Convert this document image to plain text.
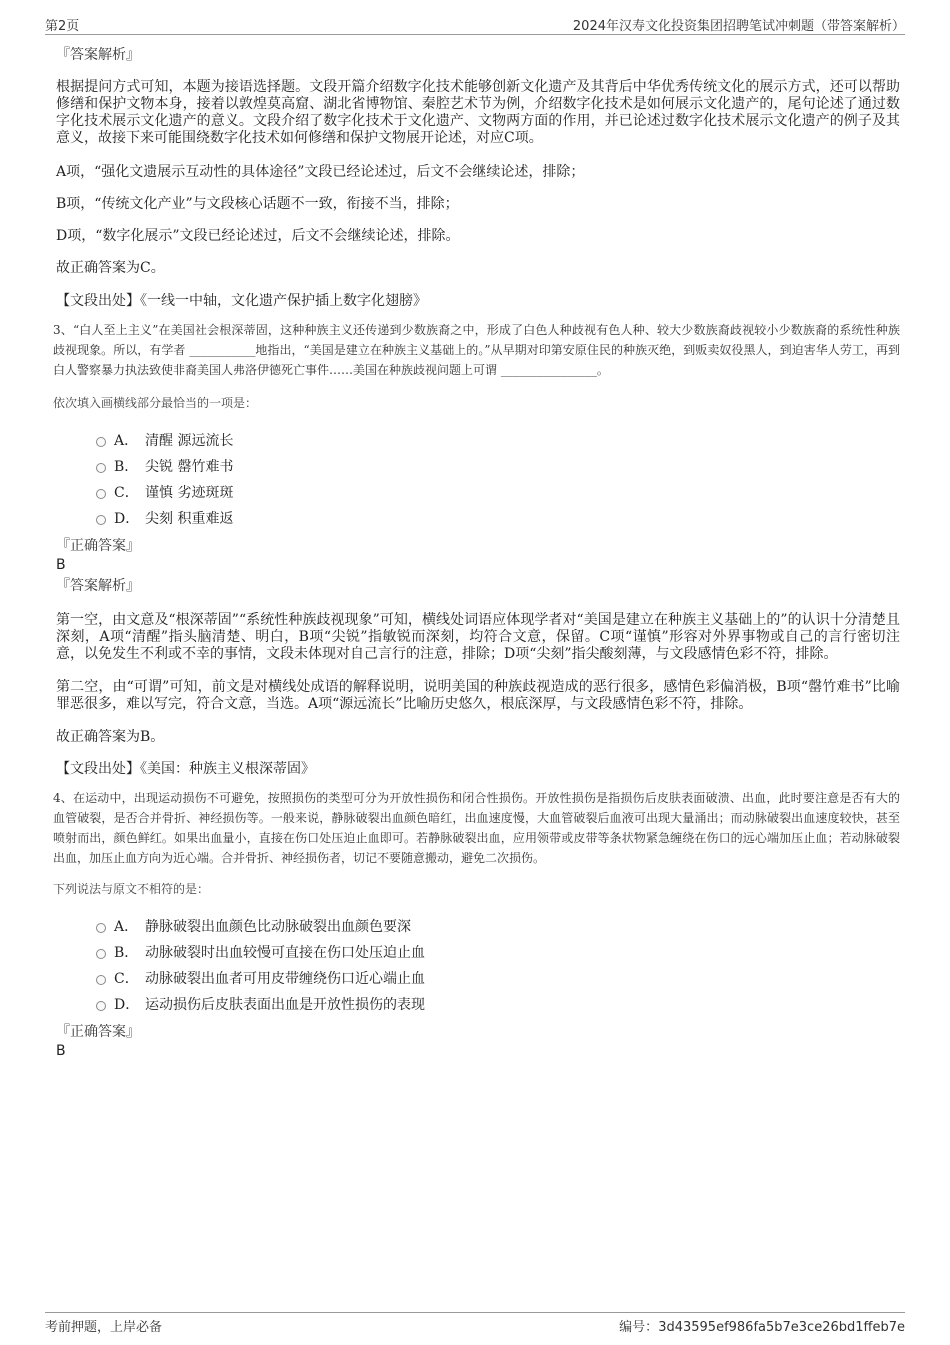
第2页	2024年汉寿文化投资集团招聘笔试冲刺题（带答案解析）
『答案解析』
根据提问方式可知，本题为接语选择题。文段开篇介绍数字化技术能够创新文化遗产及其背后中华优秀传统文化的展示方式，还可以帮助修缮和保护文物本身，接着以敦煌莫高窟、湖北省博物馆、秦腔艺术节为例，介绍数字化技术是如何展示文化遗产的，尾句论述了通过数字化技术展示文化遗产的意义。文段介绍了数字化技术于文化遗产、文物两方面的作用，并已论述过数字化技术展示文化遗产的例子及其意义，故接下来可能围绕数字化技术如何修缮和保护文物展开论述，对应C项。
A项，“强化文遗展示互动性的具体途径”文段已经论述过，后文不会继续论述，排除；
B项，“传统文化产业”与文段核心话题不一致，衔接不当，排除；
D项，“数字化展示”文段已经论述过，后文不会继续论述，排除。
故正确答案为C。
【文段出处】《一线一中轴，文化遗产保护插上数字化翅膀》
3、“白人至上主义”在美国社会根深蒂固，这种种族主义还传递到少数族裔之中，形成了白色人种歧视有色人种、较大少数族裔歧视较小少数族裔的系统性种族歧视现象。所以，有学者 ___________地指出，“美国是建立在种族主义基础上的。”从早期对印第安原住民的种族灭绝，到贩卖奴役黑人，到迫害华人劳工，再到白人警察暴力执法致使非裔美国人弗洛伊德死亡事件……美国在种族歧视问题上可谓 ________________。
依次填入画横线部分最恰当的一项是：
A． 清醒 源远流长
B． 尖锐 罄竹难书
C． 谨慎 劣迹斑斑
D． 尖刻 积重难返
『正确答案』
B
『答案解析』
第一空，由文意及“根深蒂固”“系统性种族歧视现象”可知，横线处词语应体现学者对“美国是建立在种族主义基础上的”的认识十分清楚且深刻，A项“清醒”指头脑清楚、明白，B项“尖锐”指敏锐而深刻，均符合文意，保留。C项“谨慎”形容对外界事物或自己的言行密切注意，以免发生不利或不幸的事情，文段未体现对自己言行的注意，排除；D项“尖刻”指尖酸刻薄，与文段感情色彩不符，排除。
第二空，由“可谓”可知，前文是对横线处成语的解释说明，说明美国的种族歧视造成的恶行很多，感情色彩偏消极，B项“罄竹难书”比喻罪恶很多，难以写完，符合文意，当选。A项“源远流长”比喻历史悠久，根底深厚，与文段感情色彩不符，排除。
故正确答案为B。
【文段出处】《美国：种族主义根深蒂固》
4、在运动中，出现运动损伤不可避免，按照损伤的类型可分为开放性损伤和闭合性损伤。开放性损伤是指损伤后皮肤表面破溃、出血，此时要注意是否有大的血管破裂，是否合并骨折、神经损伤等。一般来说，静脉破裂出血颜色暗红，出血速度慢，大血管破裂后血液可出现大量涌出；而动脉破裂出血速度较快，甚至喷射而出，颜色鲜红。如果出血量小，直接在伤口处压迫止血即可。若静脉破裂出血，应用领带或皮带等条状物紧急缠绕在伤口的远心端加压止血；若动脉破裂出血，加压止血方向为近心端。合并骨折、神经损伤者，切记不要随意搬动，避免二次损伤。
下列说法与原文不相符的是：
A． 静脉破裂出血颜色比动脉破裂出血颜色要深
B． 动脉破裂时出血较慢可直接在伤口处压迫止血
C． 动脉破裂出血者可用皮带缠绕伤口近心端止血
D． 运动损伤后皮肤表面出血是开放性损伤的表现
『正确答案』
B
考前押题，上岸必备	编号：3d43595ef986fa5b7e3ce26bd1ffeb7e
